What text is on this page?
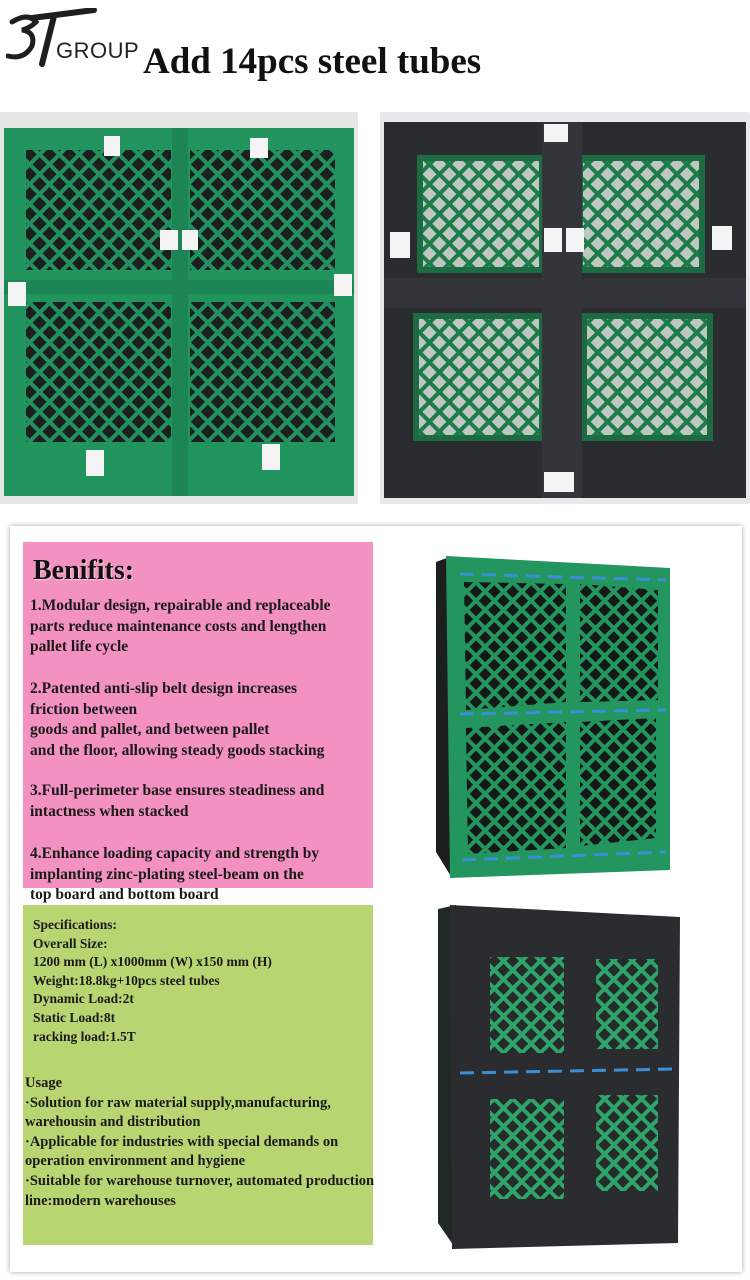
GROUP Add 14pcs steel tubes
Benifits:

1.Modular design, repairable and replaceable
parts reduce maintenance costs and lengthen
pallet life cycle

2.Patented anti-slip belt design increases
friction between
goods and pallet, and between pallet
and the floor, allowing steady goods stacking

3.Full-perimeter base ensures steadiness and
intactness when stacked

4.Enhance loading capacity and strength by
implanting zinc-plating steel-beam on the
top board and bottom board

Specifications:
Overall Size:
1200 mm (L) x1000mm (W) x150 mm (H)
Weight:18.8kg+10pcs steel tubes
Dynamic Load:2t
Static Load:8t
racking load:1.5T
Usage
·Solution for raw material supply,manufacturing,
warehousin and distribution
·Applicable for industries with special demands on
operation environment and hygiene
·Suitable for warehouse turnover, automated production
line:modern warehouses
